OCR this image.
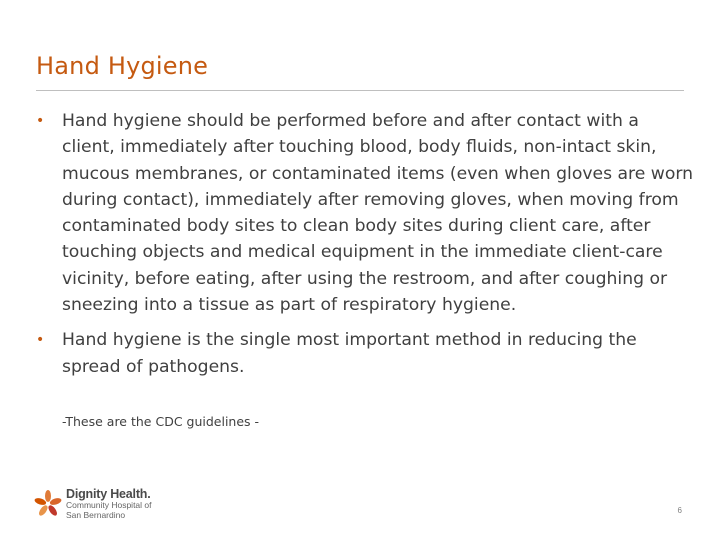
Hand Hygiene
• Hand hygiene should be performed before and after contact with a client, immediately after touching blood, body fluids, non-intact skin, mucous membranes, or contaminated items (even when gloves are worn during contact), immediately after removing gloves, when moving from contaminated body sites to clean body sites during client care, after touching objects and medical equipment in the immediate client-care vicinity, before eating, after using the restroom, and after coughing or sneezing into a tissue as part of respiratory hygiene.
• Hand hygiene is the single most important method in reducing the spread of pathogens.
-These are the CDC guidelines -
Dignity Health.
Community Hospital of
San Bernardino	6
